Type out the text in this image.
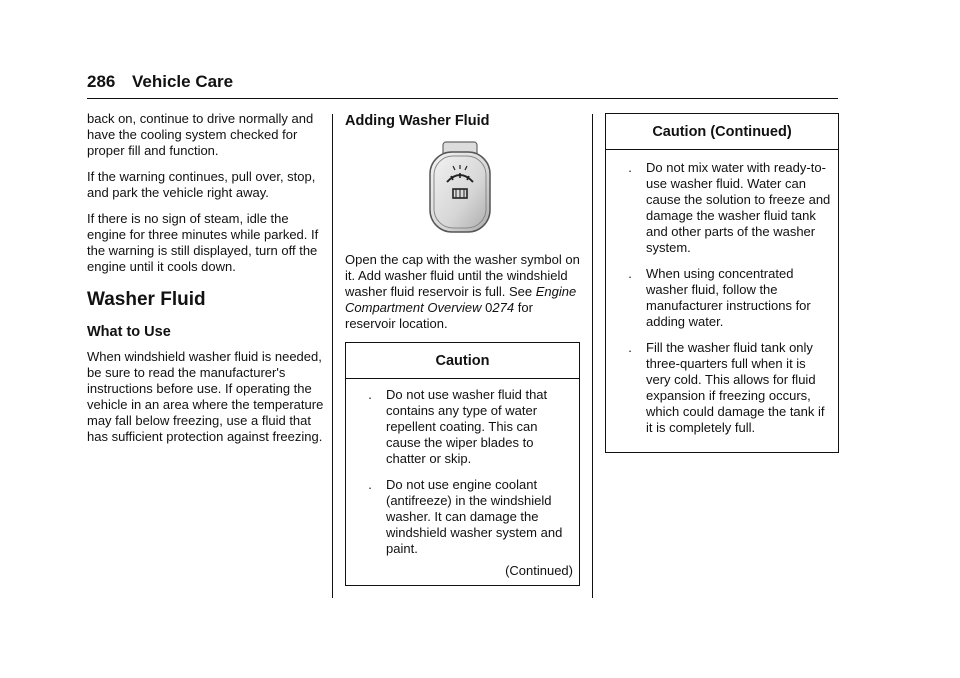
286 Vehicle Care

back on, continue to drive normally and have the cooling system checked for proper fill and function.

If the warning continues, pull over, stop, and park the vehicle right away.

If there is no sign of steam, idle the engine for three minutes while parked. If the warning is still displayed, turn off the engine until it cools down.

Washer Fluid
What to Use

When windshield washer fluid is needed, be sure to read the manufacturer's instructions before use. If operating the vehicle in an area where the temperature may fall below freezing, use a fluid that has sufficient protection against freezing.

Adding Washer Fluid

Open the cap with the washer symbol on it. Add washer fluid until the windshield washer fluid reservoir is full. See Engine Compartment Overview 0274 for reservoir location.

Caution
.	Do not use washer fluid that contains any type of water repellent coating. This can cause the wiper blades to chatter or skip.
.	Do not use engine coolant (antifreeze) in the windshield washer. It can damage the windshield washer system and paint.
(Continued)
Caution (Continued)
.	Do not mix water with ready-to-use washer fluid. Water can cause the solution to freeze and damage the washer fluid tank and other parts of the washer system.
.	When using concentrated washer fluid, follow the manufacturer instructions for adding water.
.	Fill the washer fluid tank only three-quarters full when it is very cold. This allows for fluid expansion if freezing occurs, which could damage the tank if it is completely full.
